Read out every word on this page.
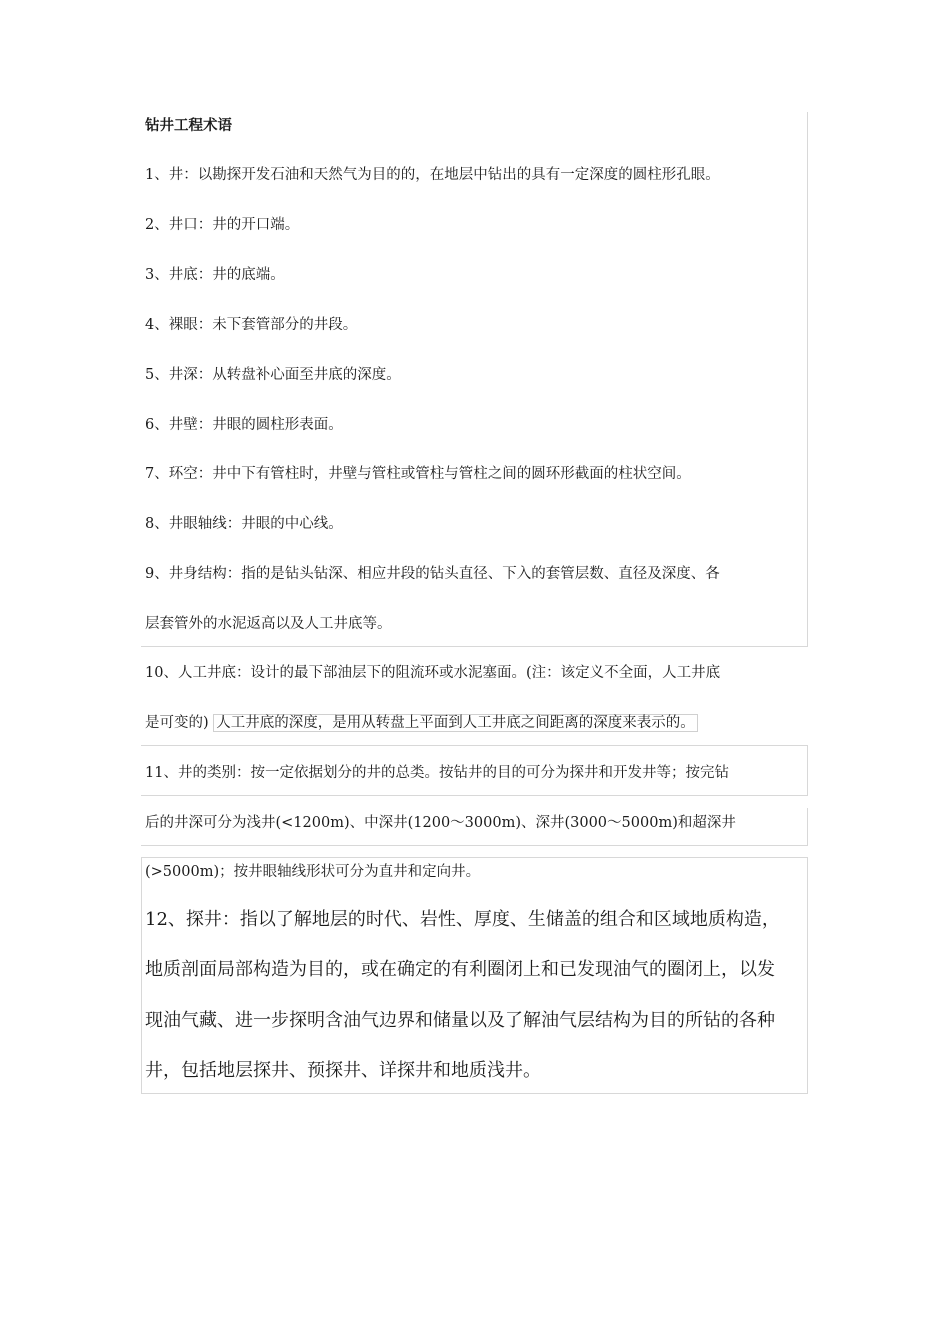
钻井工程术语
1、井：以勘探开发石油和天然气为目的的，在地层中钻出的具有一定深度的圆柱形孔眼。
2、井口：井的开口端。
3、井底：井的底端。
4、裸眼：未下套管部分的井段。
5、井深：从转盘补心面至井底的深度。
6、井壁：井眼的圆柱形表面。
7、环空：井中下有管柱时，井壁与管柱或管柱与管柱之间的圆环形截面的柱状空间。
8、井眼轴线：井眼的中心线。
9、井身结构：指的是钻头钻深、相应井段的钻头直径、下入的套管层数、直径及深度、各
层套管外的水泥返高以及人工井底等。
10、人工井底：设计的最下部油层下的阻流环或水泥塞面。(注：该定义不全面，人工井底
是可变的) 人工井底的深度，是用从转盘上平面到人工井底之间距离的深度来表示的。
11、井的类别：按一定依据划分的井的总类。按钻井的目的可分为探井和开发井等；按完钻
后的井深可分为浅井(<1200m)、中深井(1200～3000m)、深井(3000～5000m)和超深井
(>5000m)；按井眼轴线形状可分为直井和定向井。
12、探井：指以了解地层的时代、岩性、厚度、生储盖的组合和区域地质构造，
地质剖面局部构造为目的，或在确定的有利圈闭上和已发现油气的圈闭上，以发
现油气藏、进一步探明含油气边界和储量以及了解油气层结构为目的所钻的各种
井，包括地层探井、预探井、详探井和地质浅井。
